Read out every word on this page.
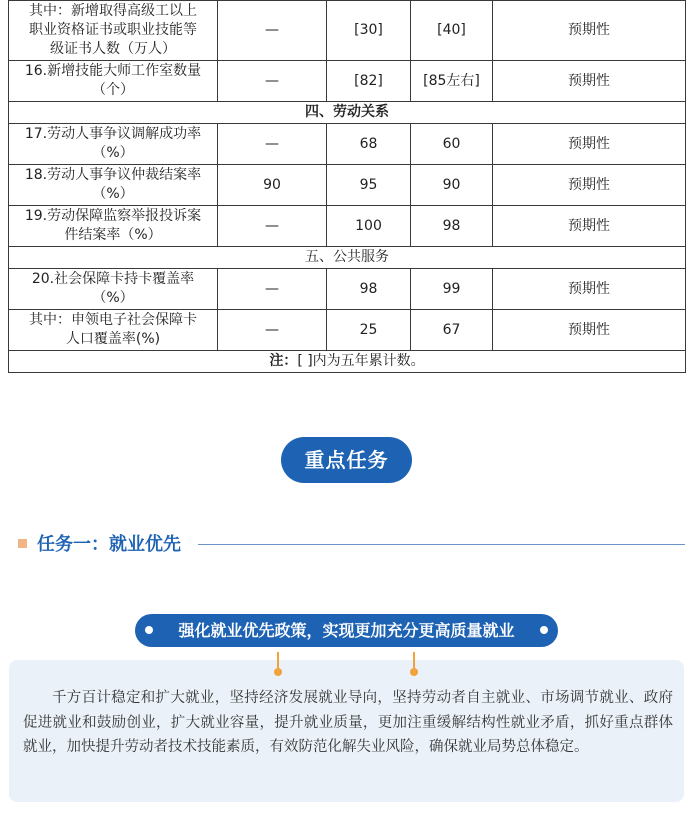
其中：新增取得高级工以上
职业资格证书或职业技能等
级证书人数（万人）	—	[30]	[40]	预期性

16.新增技能大师工作室数量
（个）	—	[82]	[85左右]	预期性
四、劳动关系				

17.劳动人事争议调解成功率
（%）	—	68	60	预期性

18.劳动人事争议仲裁结案率
（%）	90	95	90	预期性

19.劳动保障监察举报投诉案
件结案率（%）	—	100	98	预期性
五、公共服务				

20.社会保障卡持卡覆盖率
（%）	—	98	99	预期性

其中：申领电子社会保障卡
人口覆盖率(%)	—	25	67	预期性
注：[ ]内为五年累计数。				
重点任务
任务一：就业优先
千方百计稳定和扩大就业，坚持经济发展就业导向，坚持劳动者自主就业、市场调节就业、政府促进就业和鼓励创业，扩大就业容量，提升就业质量，更加注重缓解结构性就业矛盾，抓好重点群体就业，加快提升劳动者技术技能素质，有效防范化解失业风险，确保就业局势总体稳定。
强化就业优先政策，实现更加充分更高质量就业
